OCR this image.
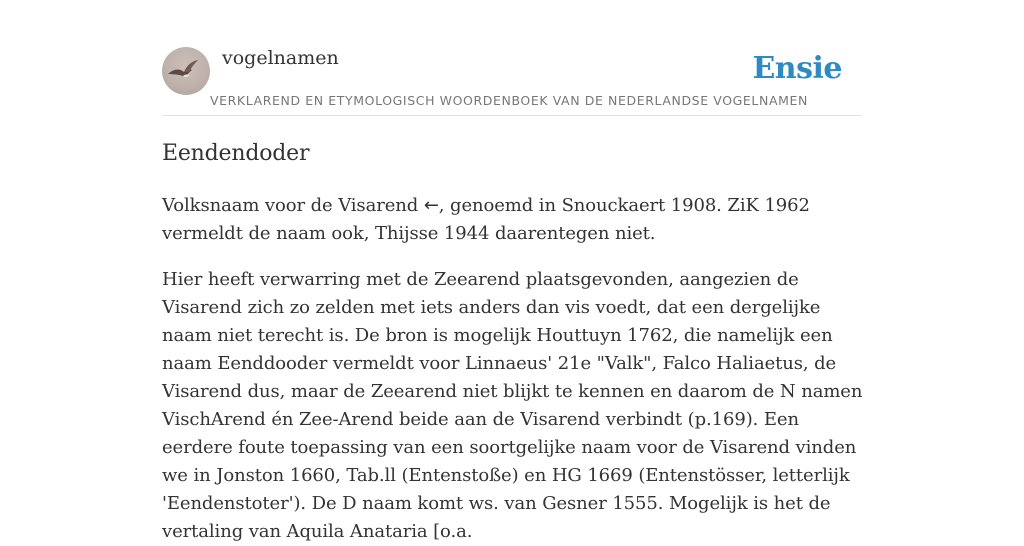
vogelnamen	Ensie
VERKLAREND EN ETYMOLOGISCH WOORDENBOEK VAN DE NEDERLANDSE VOGELNAMEN
Eendendoder

Volksnaam voor de Visarend ←, genoemd in Snouckaert 1908. ZiK 1962 vermeldt de naam ook, Thijsse 1944 daarentegen niet.

Hier heeft verwarring met de Zeearend plaatsgevonden, aangezien de Visarend zich zo zelden met iets anders dan vis voedt, dat een dergelijke naam niet terecht is. De bron is mogelijk Houttuyn 1762, die namelijk een naam Eenddooder vermeldt voor Linnaeus' 21e "Valk", Falco Haliaetus, de Visarend dus, maar de Zeearend niet blijkt te kennen en daarom de N namen VischArend én Zee-Arend beide aan de Visarend verbindt (p.169). Een eerdere foute toepassing van een soortgelijke naam voor de Visarend vinden we in Jonston 1660, Tab.ll (Entenstoße) en HG 1669 (Entenstösser, letterlijk 'Eendenstoter'). De D naam komt ws. van Gesner 1555. Mogelijk is het de vertaling van Aquila Anataria [o.a.
